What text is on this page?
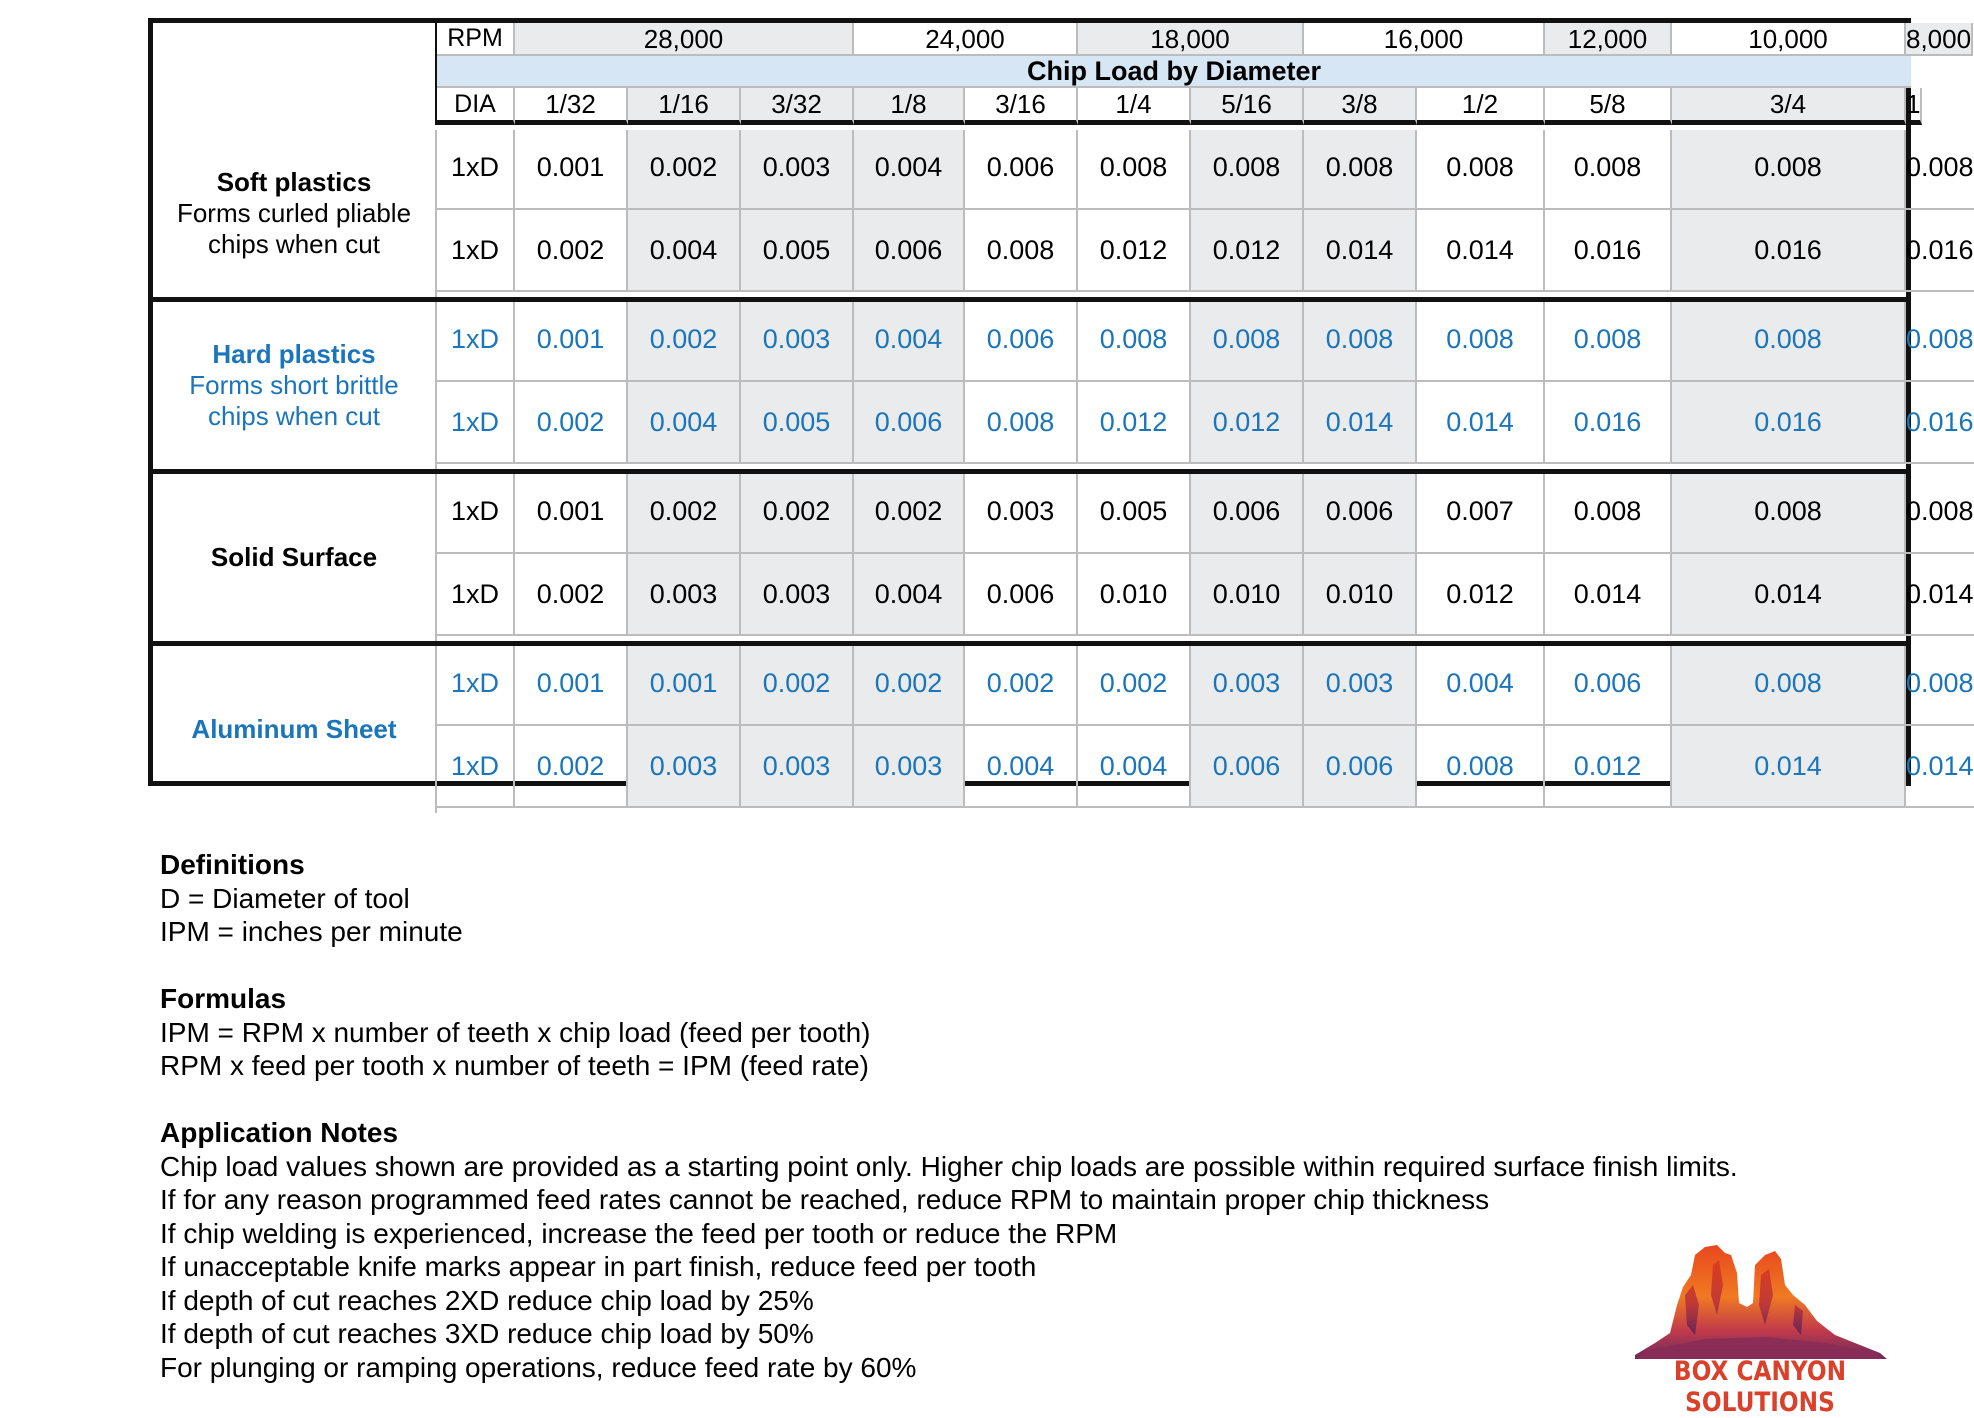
RPM	28,000	24,000	18,000	16,000	12,000	10,000	8,000
Chip Load by Diameter
DIA	1/32	1/16	3/32	1/8	3/16	1/4	5/16	3/8	1/2	5/8	3/4	1
Soft plastics
Forms curled pliable
chips when cut
1xD	0.001	0.002	0.003	0.004	0.006	0.008	0.008	0.008	0.008	0.008	0.008	0.008
1xD	0.002	0.004	0.005	0.006	0.008	0.012	0.012	0.014	0.014	0.016	0.016	0.016
Hard plastics
Forms short brittle
chips when cut
1xD	0.001	0.002	0.003	0.004	0.006	0.008	0.008	0.008	0.008	0.008	0.008	0.008
1xD	0.002	0.004	0.005	0.006	0.008	0.012	0.012	0.014	0.014	0.016	0.016	0.016
Solid Surface
1xD	0.001	0.002	0.002	0.002	0.003	0.005	0.006	0.006	0.007	0.008	0.008	0.008
1xD	0.002	0.003	0.003	0.004	0.006	0.010	0.010	0.010	0.012	0.014	0.014	0.014
Aluminum Sheet
1xD	0.001	0.001	0.002	0.002	0.002	0.002	0.003	0.003	0.004	0.006	0.008	0.008
1xD	0.002	0.003	0.003	0.003	0.004	0.004	0.006	0.006	0.008	0.012	0.014	0.014
Definitions
D = Diameter of tool
IPM = inches per minute
Formulas
IPM = RPM x number of teeth x chip load (feed per tooth)
RPM x feed per tooth x number of teeth = IPM (feed rate)
Application Notes
Chip load values shown are provided as a starting point only. Higher chip loads are possible within required surface finish limits.
If for any reason programmed feed rates cannot be reached, reduce RPM to maintain proper chip thickness
If chip welding is experienced, increase the feed per tooth or reduce the RPM
If unacceptable knife marks appear in part finish, reduce feed per tooth
If depth of cut reaches 2XD reduce chip load by 25%
If depth of cut reaches 3XD reduce chip load by 50%
For plunging or ramping operations, reduce feed rate by 60%	BOX CANYON SOLUTIONS
